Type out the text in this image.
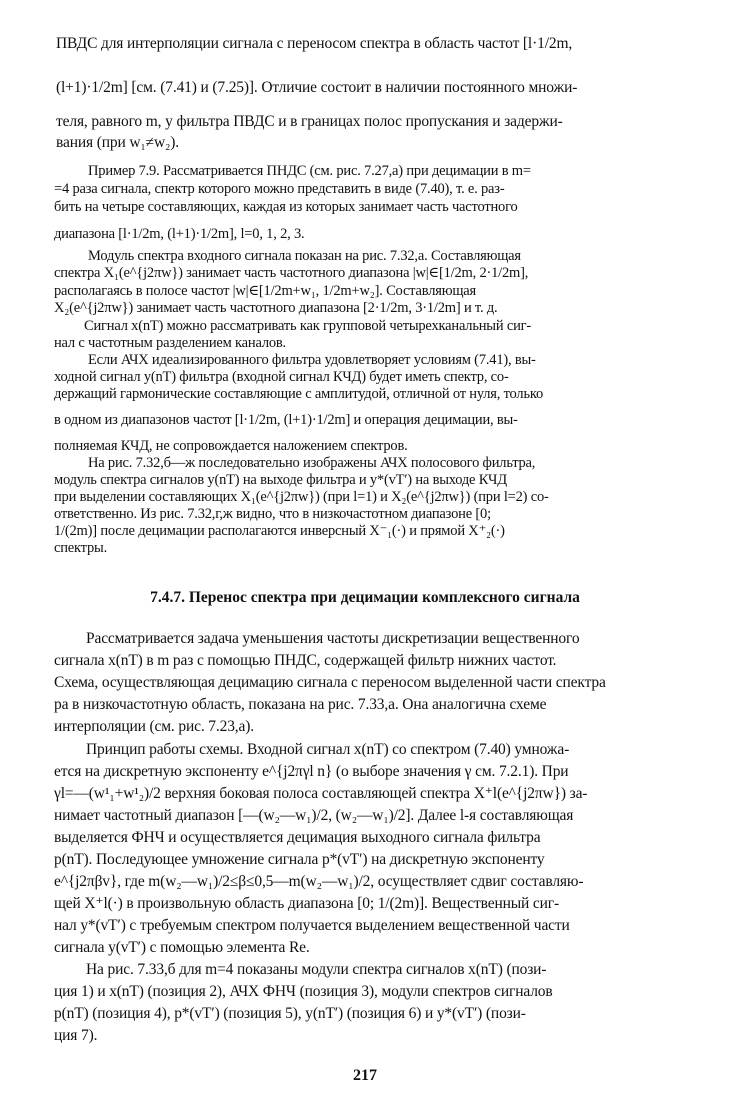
ПВДС для интерполяции сигнала с переносом спектра в область частот [l·1/2m,
(l+1)·1/2m] [см. (7.41) и (7.25)]. Отличие состоит в наличии постоянного множи-
теля, равного m, у фильтра ПВДС и в границах полос пропускания и задержи-
вания (при w₁≠w₂).
Пример 7.9. Рассматривается ПНДС (см. рис. 7.27,а) при децимации в m=
=4 раза сигнала, спектр которого можно представить в виде (7.40), т. е. раз-
бить на четыре составляющих, каждая из которых занимает часть частотного
диапазона [l·1/2m, (l+1)·1/2m], l=0, 1, 2, 3.
Модуль спектра входного сигнала показан на рис. 7.32,а. Составляющая
спектра X₁(e^{j2πw}) занимает часть частотного диапазона |w|∈[1/2m, 2·1/2m],
располагаясь в полосе частот |w|∈[1/2m+w₁, 1/2m+w₂]. Составляющая
X₂(e^{j2πw}) занимает часть частотного диапазона [2·1/2m, 3·1/2m] и т. д.
Сигнал x(nT) можно рассматривать как групповой четырехканальный сиг-
нал с частотным разделением каналов.
Если АЧХ идеализированного фильтра удовлетворяет условиям (7.41), вы-
ходной сигнал y(nT) фильтра (входной сигнал КЧД) будет иметь спектр, со-
держащий гармонические составляющие с амплитудой, отличной от нуля, только
в одном из диапазонов частот [l·1/2m, (l+1)·1/2m] и операция децимации, вы-
полняемая КЧД, не сопровождается наложением спектров.
На рис. 7.32,б—ж последовательно изображены АЧХ полосового фильтра,
модуль спектра сигналов y(nT) на выходе фильтра и y*(vT′) на выходе КЧД
при выделении составляющих X₁(e^{j2πw}) (при l=1) и X₂(e^{j2πw}) (при l=2) со-
ответственно. Из рис. 7.32,г,ж видно, что в низкочастотном диапазоне [0;
1/(2m)] после децимации располагаются инверсный X⁻₁(·) и прямой X⁺₂(·)
спектры.
7.4.7. Перенос спектра при децимации комплексного сигнала
Рассматривается задача уменьшения частоты дискретизации вещественного
сигнала x(nT) в m раз с помощью ПНДС, содержащей фильтр нижних частот.
Схема, осуществляющая децимацию сигнала с переносом выделенной части спектра
ра в низкочастотную область, показана на рис. 7.33,а. Она аналогична схеме
интерполяции (см. рис. 7.23,а).
Принцип работы схемы. Входной сигнал x(nT) со спектром (7.40) умножа-
ется на дискретную экспоненту e^{j2πγl n} (о выборе значения γ см. 7.2.1). При
γl=—(w¹₁+w¹₂)/2 верхняя боковая полоса составляющей спектра X⁺l(e^{j2πw}) за-
нимает частотный диапазон [—(w₂—w₁)/2, (w₂—w₁)/2]. Далее l-я составляющая
выделяется ФНЧ и осуществляется децимация выходного сигнала фильтра
p(nT). Последующее умножение сигнала p*(vT′) на дискретную экспоненту
e^{j2πβv}, где m(w₂—w₁)/2≤β≤0,5—m(w₂—w₁)/2, осуществляет сдвиг составляю-
щей X⁺l(·) в произвольную область диапазона [0; 1/(2m)]. Вещественный сиг-
нал y*(vT′) с требуемым спектром получается выделением вещественной части
сигнала y(vT′) с помощью элемента Re.
На рис. 7.33,б для m=4 показаны модули спектра сигналов x(nT) (пози-
ция 1) и x(nT) (позиция 2), АЧХ ФНЧ (позиция 3), модули спектров сигналов
p(nT) (позиция 4), p*(vT′) (позиция 5), y(nT′) (позиция 6) и y*(vT′) (пози-
ция 7).
217
